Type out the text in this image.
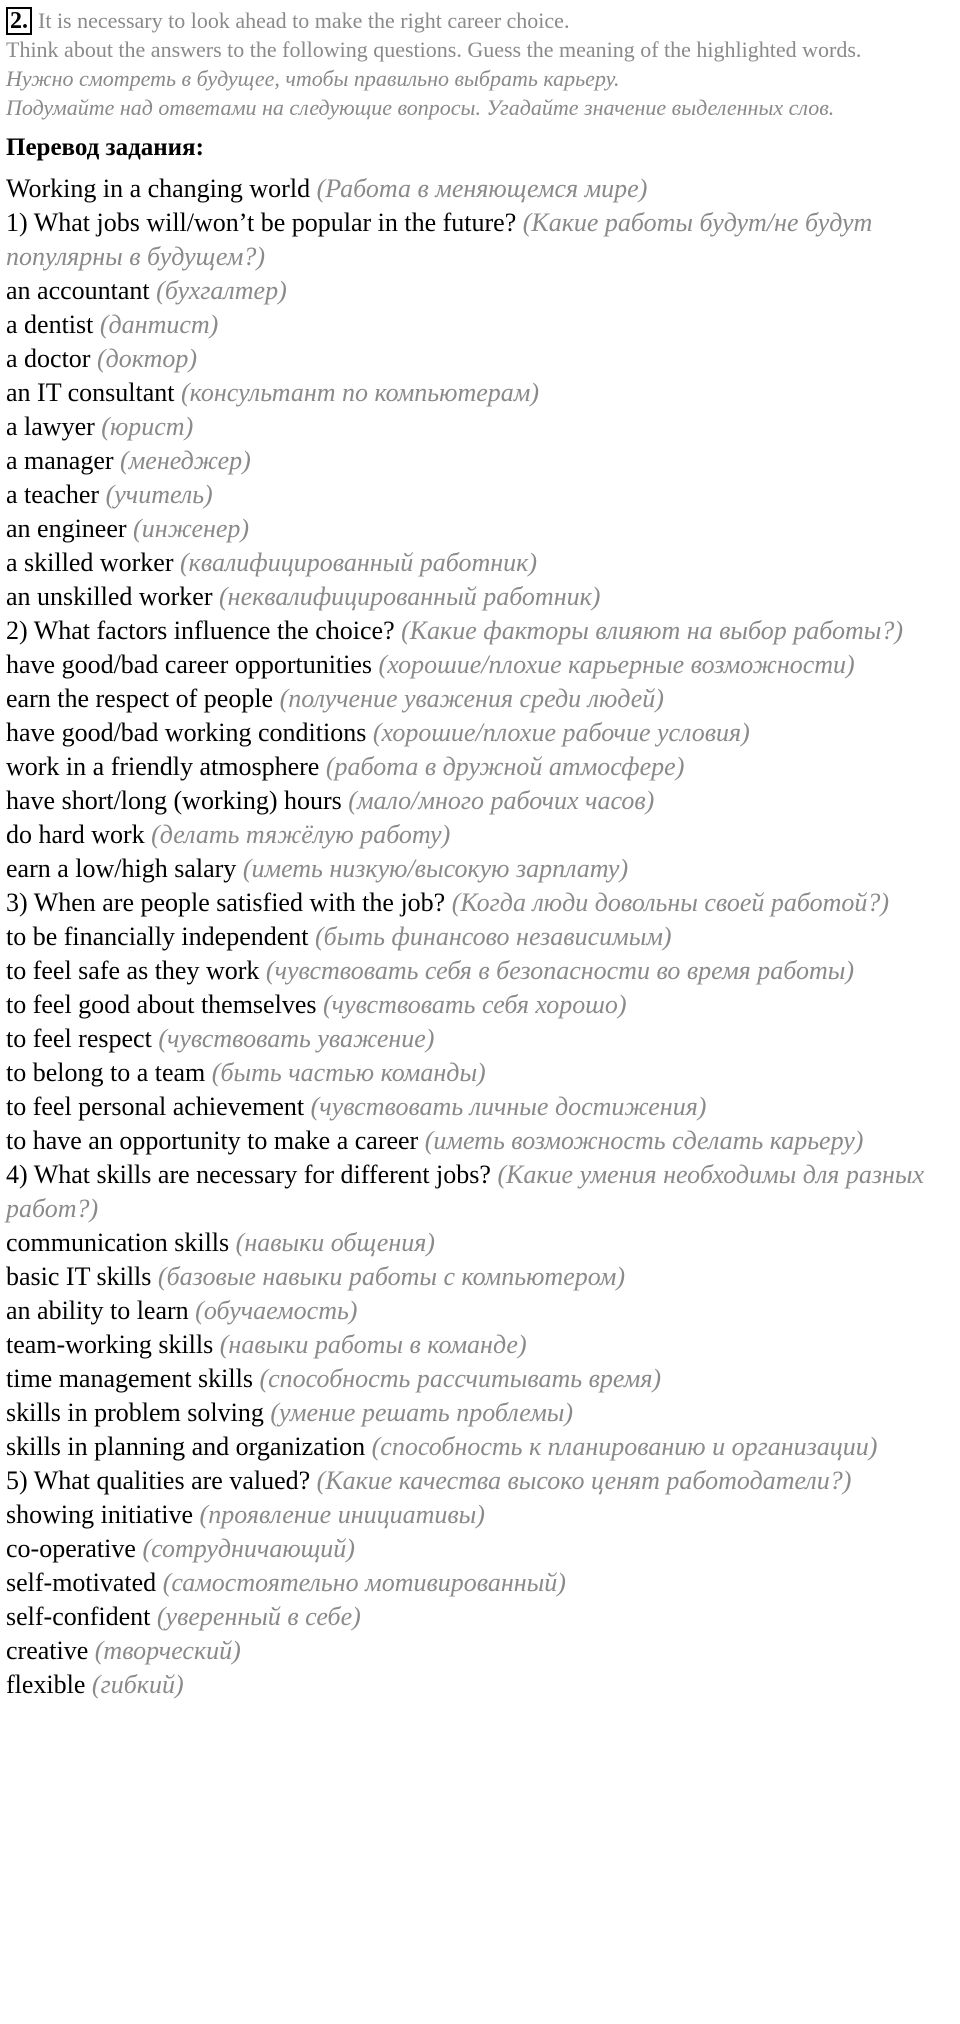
2. It is necessary to look ahead to make the right career choice.
Think about the answers to the following questions. Guess the meaning of the highlighted words.
Нужно смотреть в будущее, чтобы правильно выбрать карьеру.
Подумайте над ответами на следующие вопросы. Угадайте значение выделенных слов.
Перевод задания:
Working in a changing world (Работа в меняющемся мире)
1) What jobs will/won’t be popular in the future? (Какие работы будут/не будут популярны в будущем?)
an accountant (бухгалтер)
a dentist (дантист)
a doctor (доктор)
an IT consultant (консультант по компьютерам)
a lawyer (юрист)
a manager (менеджер)
a teacher (учитель)
an engineer (инженер)
a skilled worker (квалифицированный работник)
an unskilled worker (неквалифицированный работник)
2) What factors influence the choice? (Какие факторы влияют на выбор работы?)
have good/bad career opportunities (хорошие/плохие карьерные возможности)
earn the respect of people (получение уважения среди людей)
have good/bad working conditions (хорошие/плохие рабочие условия)
work in a friendly atmosphere (работа в дружной атмосфере)
have short/long (working) hours (мало/много рабочих часов)
do hard work (делать тяжёлую работу)
earn a low/high salary (иметь низкую/высокую зарплату)
3) When are people satisfied with the job? (Когда люди довольны своей работой?)
to be financially independent (быть финансово независимым)
to feel safe as they work (чувствовать себя в безопасности во время работы)
to feel good about themselves (чувствовать себя хорошо)
to feel respect (чувствовать уважение)
to belong to a team (быть частью команды)
to feel personal achievement (чувствовать личные достижения)
to have an opportunity to make a career (иметь возможность сделать карьеру)
4) What skills are necessary for different jobs? (Какие умения необходимы для разных работ?)
communication skills (навыки общения)
basic IT skills (базовые навыки работы с компьютером)
an ability to learn (обучаемость)
team-working skills (навыки работы в команде)
time management skills (способность рассчитывать время)
skills in problem solving (умение решать проблемы)
skills in planning and organization (способность к планированию и организации)
5) What qualities are valued? (Какие качества высоко ценят работодатели?)
showing initiative (проявление инициативы)
co-operative (сотрудничающий)
self-motivated (самостоятельно мотивированный)
self-confident (уверенный в себе)
creative (творческий)
flexible (гибкий)
